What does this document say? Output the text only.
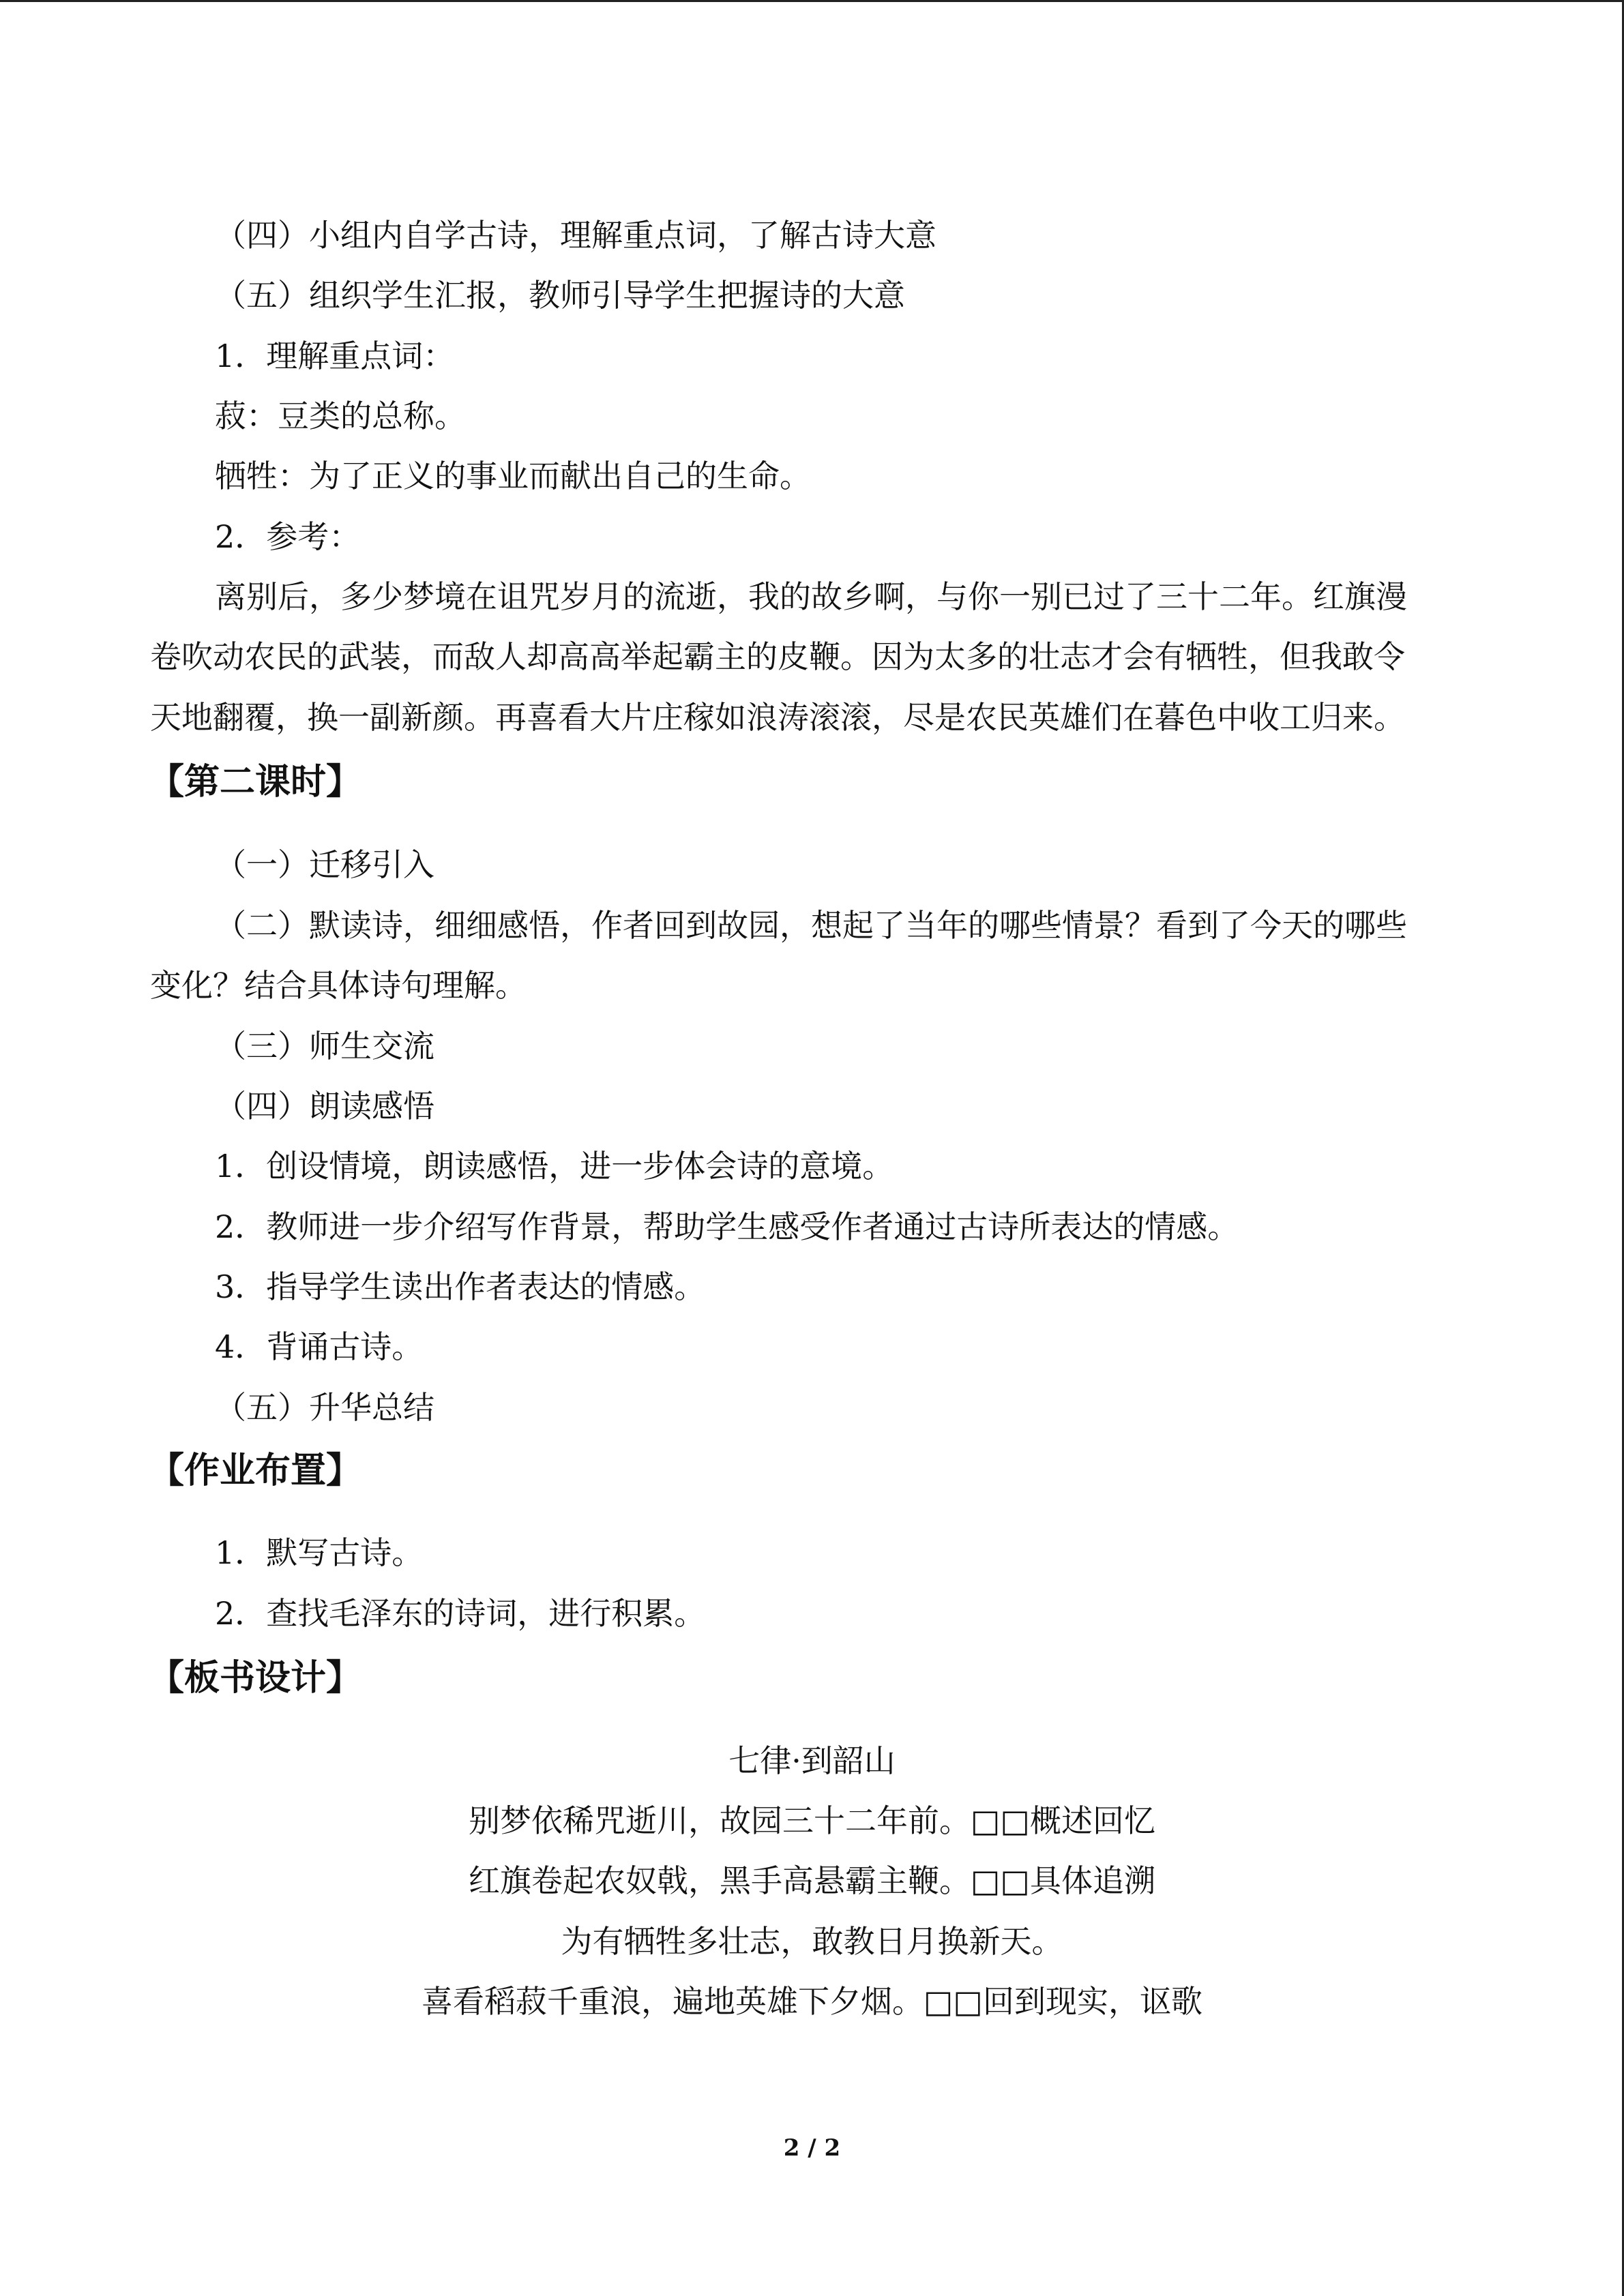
（四）小组内自学古诗，理解重点词，了解古诗大意
（五）组织学生汇报，教师引导学生把握诗的大意
1．理解重点词：
菽：豆类的总称。
牺牲：为了正义的事业而献出自己的生命。
2．参考：
离别后，多少梦境在诅咒岁月的流逝，我的故乡啊，与你一别已过了三十二年。红旗漫
卷吹动农民的武装，而敌人却高高举起霸主的皮鞭。因为太多的壮志才会有牺牲，但我敢令
天地翻覆，换一副新颜。再喜看大片庄稼如浪涛滚滚，尽是农民英雄们在暮色中收工归来。
【第二课时】
（一）迁移引入
（二）默读诗，细细感悟，作者回到故园，想起了当年的哪些情景？看到了今天的哪些
变化？结合具体诗句理解。
（三）师生交流
（四）朗读感悟
1．创设情境，朗读感悟，进一步体会诗的意境。
2．教师进一步介绍写作背景，帮助学生感受作者通过古诗所表达的情感。
3．指导学生读出作者表达的情感。
4．背诵古诗。
（五）升华总结
【作业布置】
1．默写古诗。
2．查找毛泽东的诗词，进行积累。
【板书设计】
七律·到韶山
别梦依稀咒逝川，故园三十二年前。□□概述回忆
红旗卷起农奴戟，黑手高悬霸主鞭。□□具体追溯
为有牺牲多壮志，敢教日月换新天。
喜看稻菽千重浪，遍地英雄下夕烟。□□回到现实，讴歌
2 / 2
